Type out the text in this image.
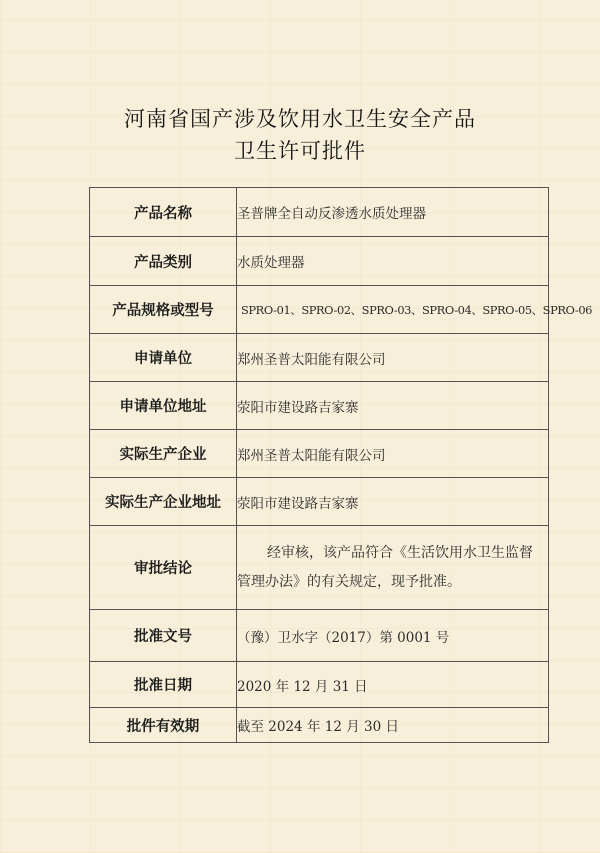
河南省国产涉及饮用水卫生安全产品
卫生许可批件
产品名称	圣普牌全自动反渗透水质处理器
产品类别	水质处理器
产品规格或型号	SPRO-01、SPRO-02、SPRO-03、SPRO-04、SPRO-05、SPRO-06
申请单位	郑州圣普太阳能有限公司
申请单位地址	荥阳市建设路吉家寨
实际生产企业	郑州圣普太阳能有限公司
实际生产企业地址	荥阳市建设路吉家寨
审批结论	经审核，该产品符合《生活饮用水卫生监督管理办法》的有关规定，现予批准。
批准文号	（豫）卫水字（2017）第 0001 号
批准日期	2020 年 12 月 31 日
批件有效期	截至 2024 年 12 月 30 日
